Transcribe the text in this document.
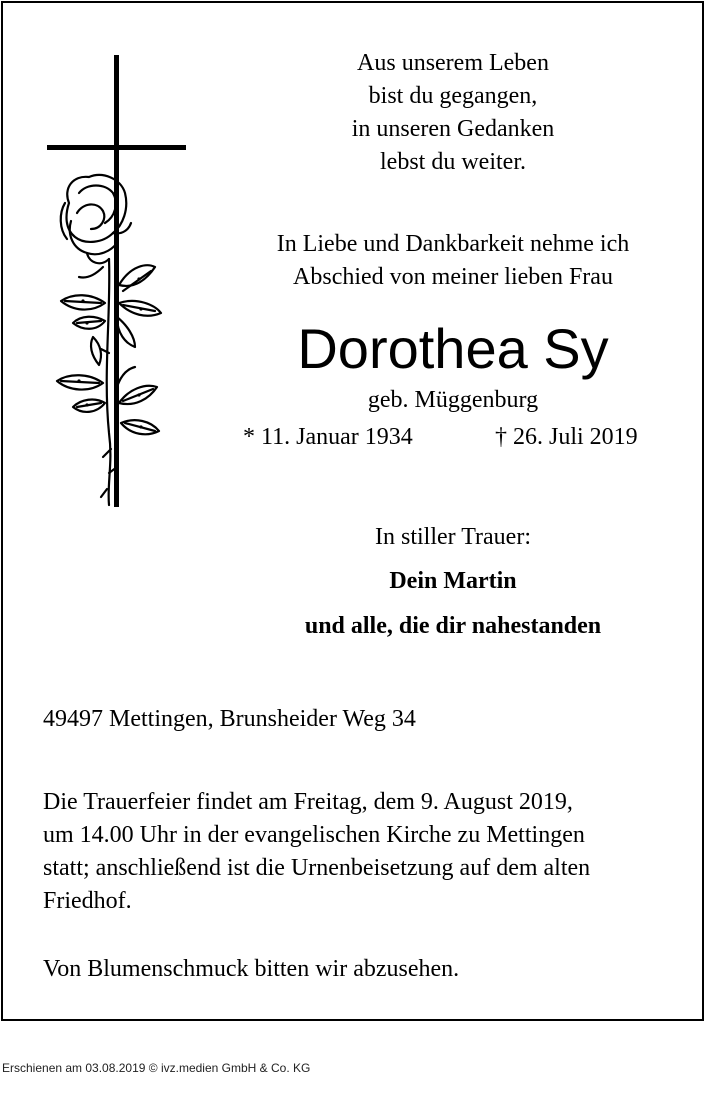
Aus unserem Leben
bist du gegangen,
in unseren Gedanken
lebst du weiter.
In Liebe und Dankbarkeit nehme ich
Abschied von meiner lieben Frau
Dorothea Sy
geb. Müggenburg
* 11. Januar 1934	† 26. Juli 2019
In stiller Trauer:
Dein Martin
und alle, die dir nahestanden
49497 Mettingen, Brunsheider Weg 34
Die Trauerfeier findet am Freitag, dem 9. August 2019,
um 14.00 Uhr in der evangelischen Kirche zu Mettingen
statt; anschließend ist die Urnenbeisetzung auf dem alten
Friedhof.
Von Blumenschmuck bitten wir abzusehen.
Erschienen am 03.08.2019 © ivz.medien GmbH & Co. KG
